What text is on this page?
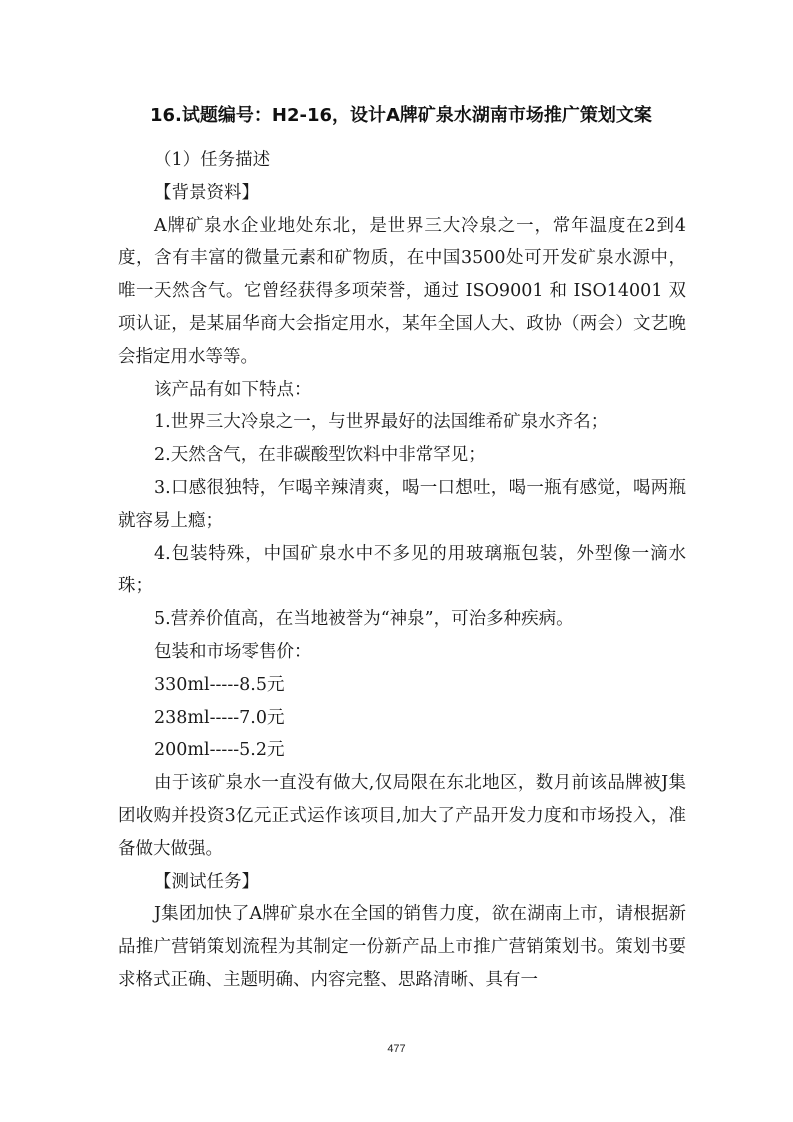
16.试题编号：H2-16，设计A牌矿泉水湖南市场推广策划文案

（1）任务描述

【背景资料】

A牌矿泉水企业地处东北，是世界三大冷泉之一，常年温度在2到4度，含有丰富的微量元素和矿物质，在中国3500处可开发矿泉水源中，唯一天然含气。它曾经获得多项荣誉，通过 ISO9001 和 ISO14001 双项认证，是某届华商大会指定用水，某年全国人大、政协（两会）文艺晚会指定用水等等。

该产品有如下特点：

1.世界三大冷泉之一，与世界最好的法国维希矿泉水齐名；

2.天然含气，在非碳酸型饮料中非常罕见；

3.口感很独特，乍喝辛辣清爽，喝一口想吐，喝一瓶有感觉，喝两瓶就容易上瘾；

4.包装特殊，中国矿泉水中不多见的用玻璃瓶包装，外型像一滴水珠；

5.营养价值高，在当地被誉为“神泉”，可治多种疾病。

包装和市场零售价：

330ml-----8.5元

238ml-----7.0元

200ml-----5.2元

由于该矿泉水一直没有做大,仅局限在东北地区，数月前该品牌被J集团收购并投资3亿元正式运作该项目,加大了产品开发力度和市场投入，准备做大做强。

【测试任务】

J集团加快了A牌矿泉水在全国的销售力度，欲在湖南上市，请根据新品推广营销策划流程为其制定一份新产品上市推广营销策划书。策划书要求格式正确、主题明确、内容完整、思路清晰、具有一

477
